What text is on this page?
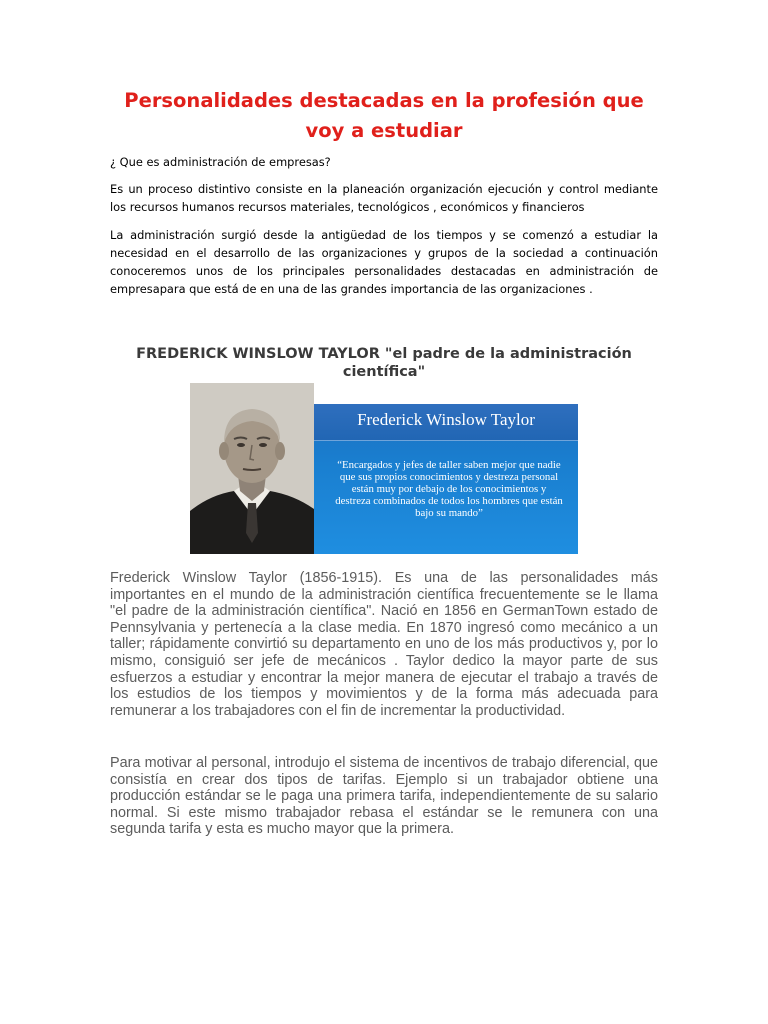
Personalidades destacadas en la profesión que voy a estudiar

¿ Que es administración de empresas?

Es un proceso distintivo consiste en la planeación organización ejecución y control mediante los recursos humanos recursos materiales, tecnológicos , económicos y financieros

La administración surgió desde la antigüedad de los tiempos y se comenzó a estudiar la necesidad en el desarrollo de las organizaciones y grupos de la sociedad a continuación conoceremos unos de los principales personalidades destacadas en administración de empresapara que está de en una de las grandes importancia de las organizaciones .

FREDERICK WINSLOW TAYLOR "el padre de la administración científica"
Frederick Winslow Taylor
“Encargados y jefes de taller saben mejor que nadie que sus propios conocimientos y destreza personal están muy por debajo de los conocimientos y destreza combinados de todos los hombres que están bajo su mando”

Frederick Winslow Taylor (1856-1915). Es una de las personalidades más importantes en el mundo de la administración científica frecuentemente se le llama "el padre de la administración científica". Nació en 1856 en GermanTown estado de Pennsylvania y pertenecía a la clase media. En 1870 ingresó como mecánico a un taller; rápidamente convirtió su departamento en uno de los más productivos y, por lo mismo, consiguió ser jefe de mecánicos . Taylor dedico la mayor parte de sus esfuerzos a estudiar y encontrar la mejor manera de ejecutar el trabajo a través de los estudios de los tiempos y movimientos y de la forma más adecuada para remunerar a los trabajadores con el fin de incrementar la productividad.

Para motivar al personal, introdujo el sistema de incentivos de trabajo diferencial, que consistía en crear dos tipos de tarifas. Ejemplo si un trabajador obtiene una producción estándar se le paga una primera tarifa, independientemente de su salario normal. Si este mismo trabajador rebasa el estándar se le remunera con una segunda tarifa y esta es mucho mayor que la primera.
